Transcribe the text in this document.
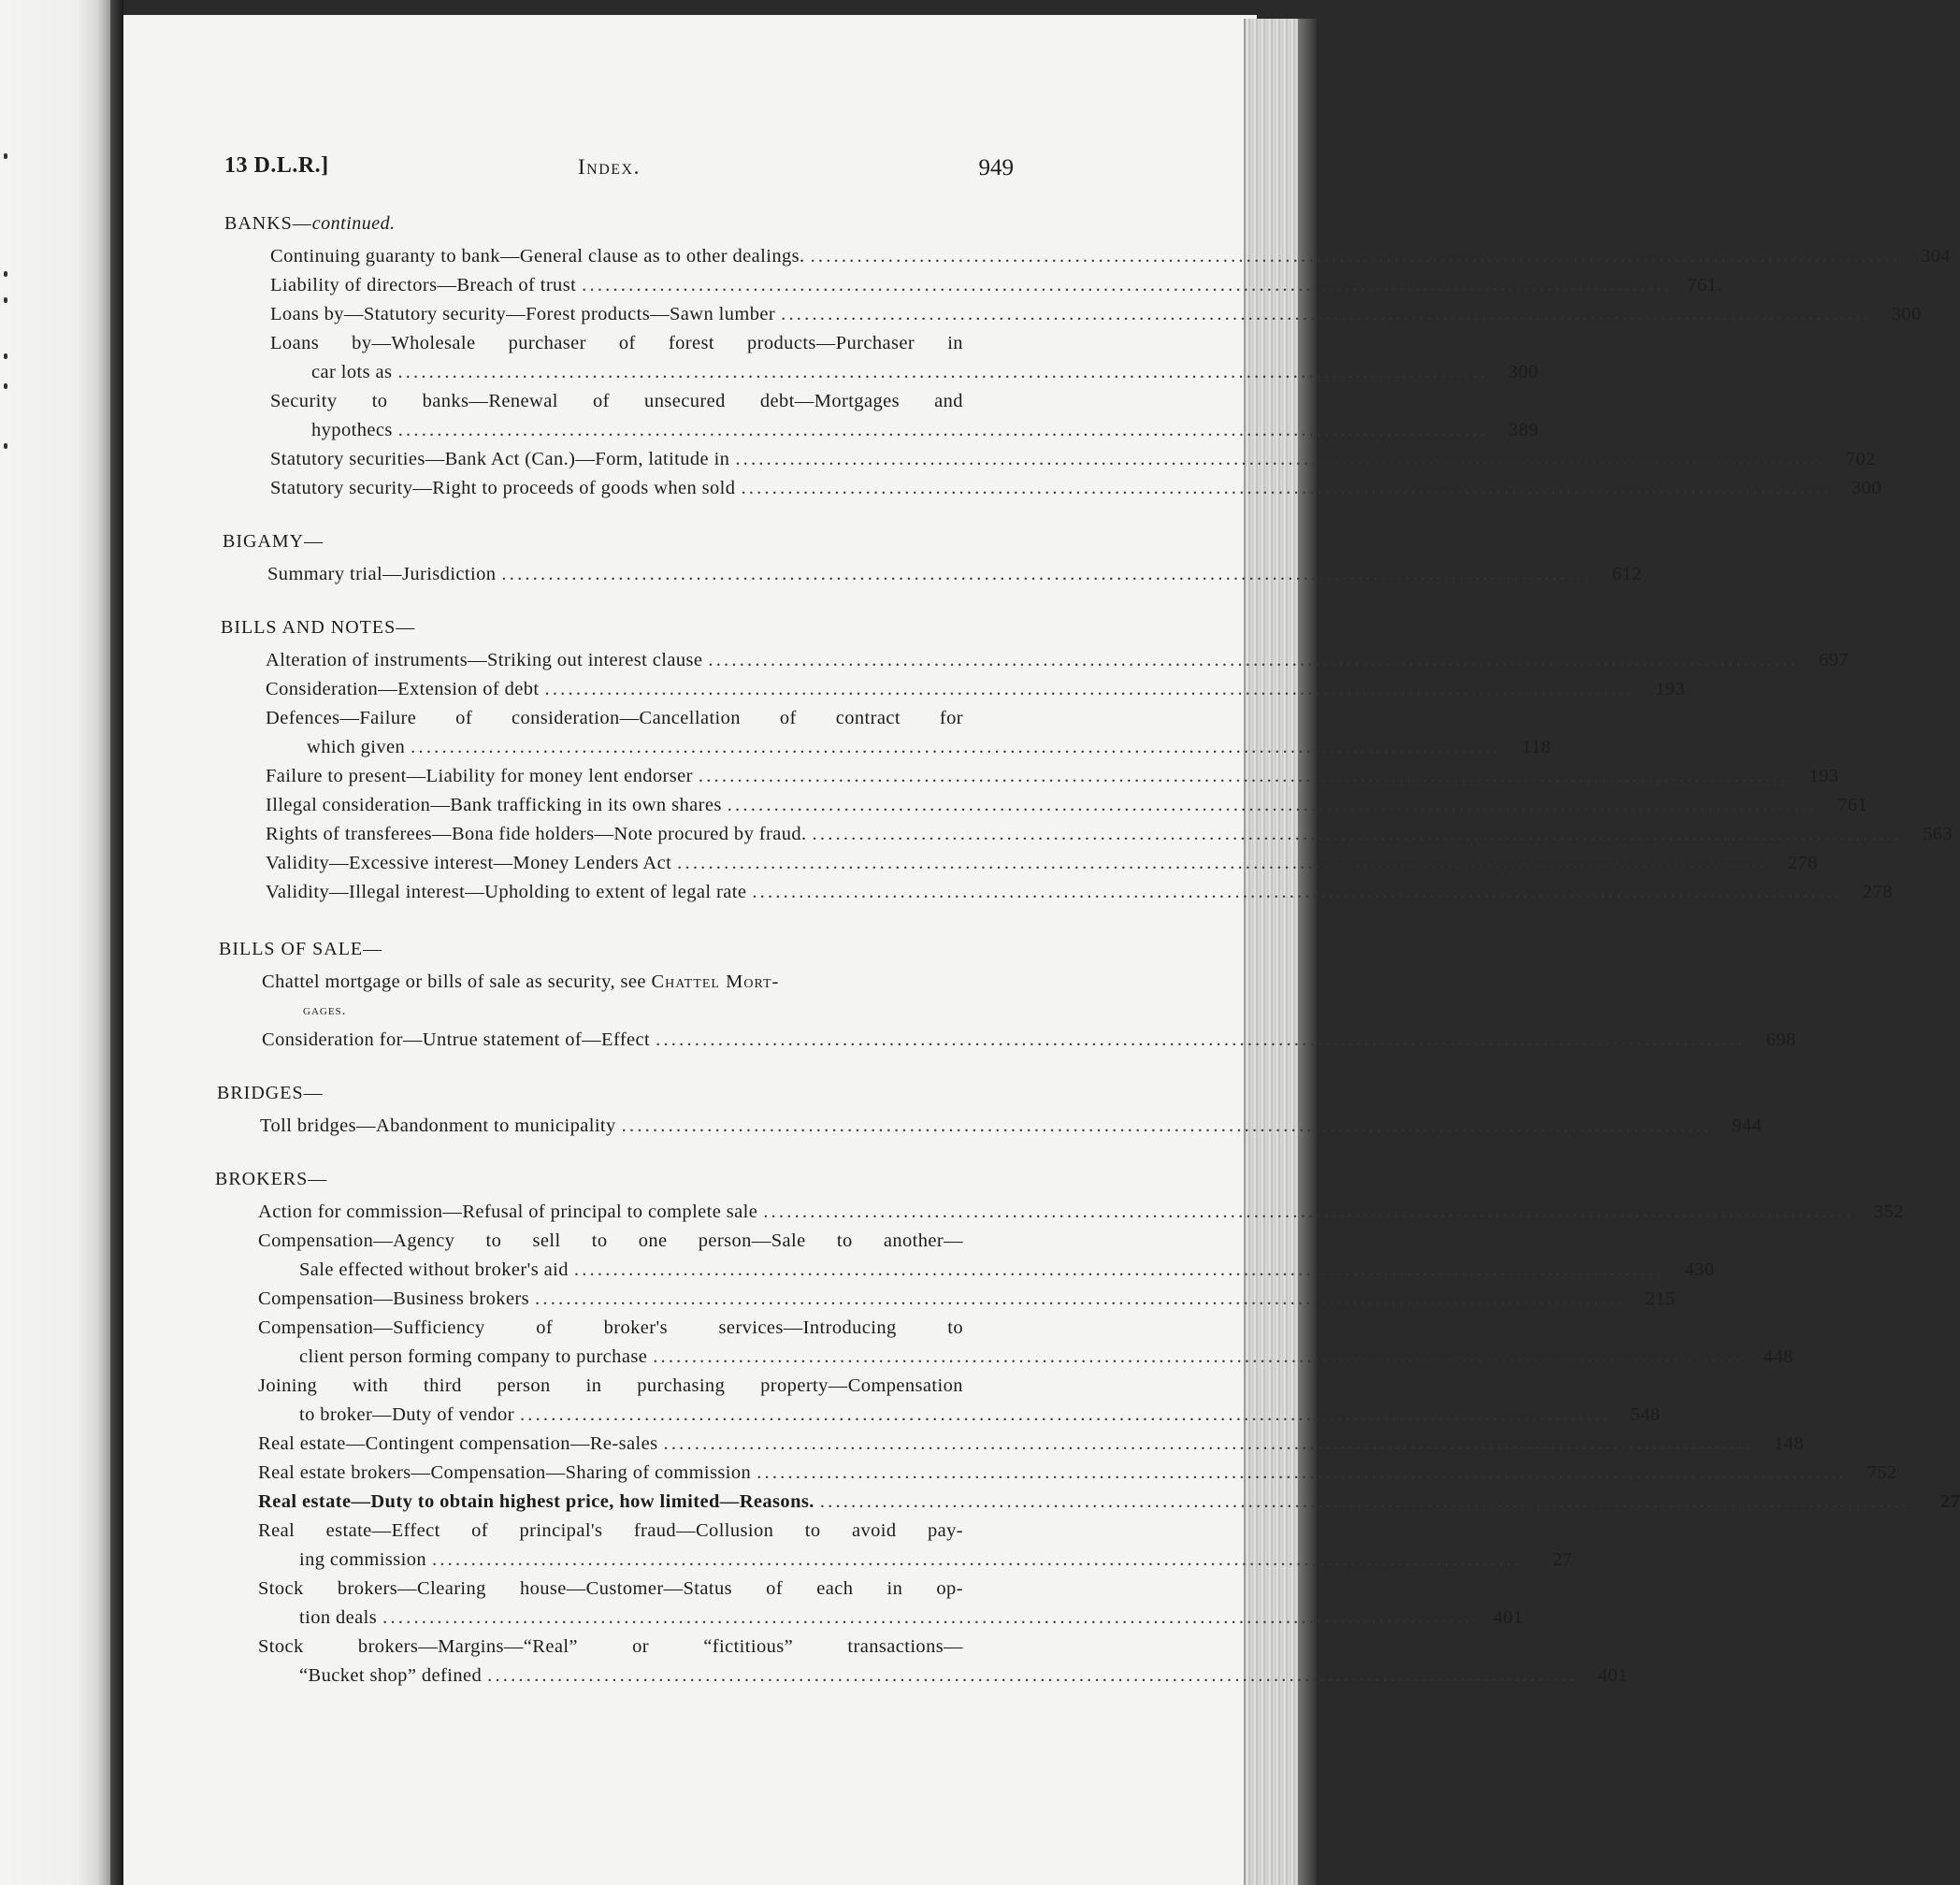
13 D.L.R.]	Index.	949
BANKS—continued.
Continuing guaranty to bank—General clause as to other dealings. ............................................................................................................................................	304
Liability of directors—Breach of trust ............................................................................................................................................ 761.
Loans by—Statutory security—Forest products—Sawn lumber ............................................................................................................................................	300
Loans by—Wholesale purchaser of forest products—Purchaser in
car lots as ............................................................................................................................................	300
Security to banks—Renewal of unsecured debt—Mortgages and
hypothecs ............................................................................................................................................	389
Statutory securities—Bank Act (Can.)—Form, latitude in ............................................................................................................................................	702
Statutory security—Right to proceeds of goods when sold ............................................................................................................................................	300
BIGAMY—
Summary trial—Jurisdiction ............................................................................................................................................	612
BILLS AND NOTES—
Alteration of instruments—Striking out interest clause ............................................................................................................................................	697
Consideration—Extension of debt ............................................................................................................................................	193
Defences—Failure of consideration—Cancellation of contract for
which given ............................................................................................................................................	118
Failure to present—Liability for money lent endorser ............................................................................................................................................	193
Illegal consideration—Bank trafficking in its own shares ............................................................................................................................................	761
Rights of transferees—Bona fide holders—Note procured by fraud. ............................................................................................................................................	563
Validity—Excessive interest—Money Lenders Act ............................................................................................................................................	278
Validity—Illegal interest—Upholding to extent of legal rate ............................................................................................................................................	278
BILLS OF SALE—
Chattel mortgage or bills of sale as security, see
Chattel Mort-
gages.
Consideration for—Untrue statement of—Effect ............................................................................................................................................	698
BRIDGES—
Toll bridges—Abandonment to municipality ............................................................................................................................................	944
BROKERS—
Action for commission—Refusal of principal to complete sale ............................................................................................................................................	352
Compensation—Agency to sell to one person—Sale to another—
Sale effected without broker's aid ............................................................................................................................................	430
Compensation—Business brokers ............................................................................................................................................	215
Compensation—Sufficiency	of	broker's	services—Introducing	to
client person forming company to purchase ............................................................................................................................................	448
Joining with third person in purchasing property—Compensation
to broker—Duty of vendor ............................................................................................................................................	548
Real estate—Contingent compensation—Re-sales ............................................................................................................................................	148
Real estate brokers—Compensation—Sharing of commission ............................................................................................................................................	752
Real estate—Duty to obtain highest price, how limited—Reasons. ............................................................................................................................................	27
Real estate—Effect of principal's fraud—Collusion to avoid pay-
ing commission ............................................................................................................................................	27
Stock brokers—Clearing house—Customer—Status of each in op-
tion deals ............................................................................................................................................	401
Stock	brokers—Margins—“Real”	or	“fictitious”	transactions—
“Bucket shop” defined ............................................................................................................................................	401
